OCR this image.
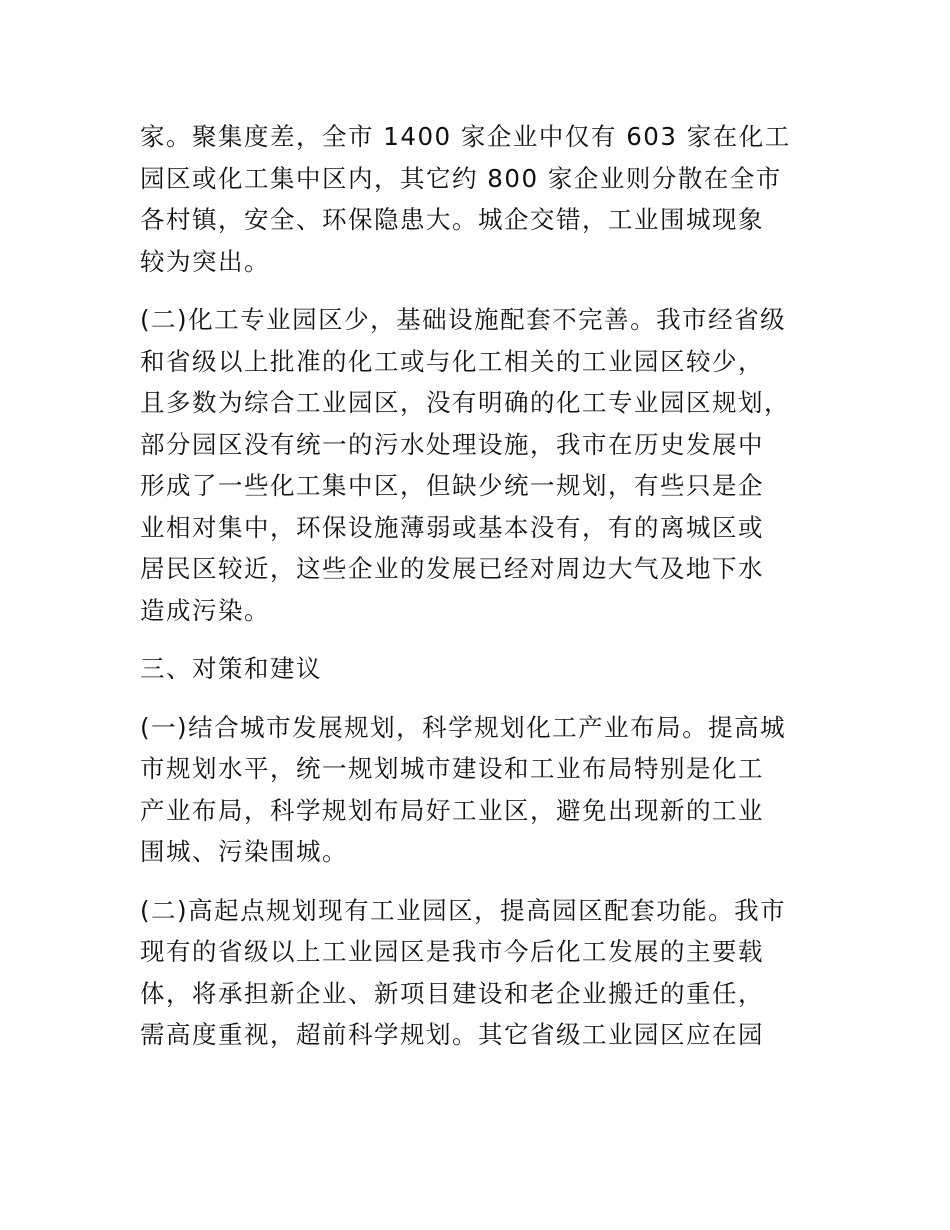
家。聚集度差，全市 1400 家企业中仅有 603 家在化工
园区或化工集中区内，其它约 800 家企业则分散在全市
各村镇，安全、环保隐患大。城企交错，工业围城现象
较为突出。

(二)化工专业园区少，基础设施配套不完善。我市经省级
和省级以上批准的化工或与化工相关的工业园区较少，
且多数为综合工业园区，没有明确的化工专业园区规划，
部分园区没有统一的污水处理设施，我市在历史发展中
形成了一些化工集中区，但缺少统一规划，有些只是企
业相对集中，环保设施薄弱或基本没有，有的离城区或
居民区较近，这些企业的发展已经对周边大气及地下水
造成污染。

三、对策和建议

(一)结合城市发展规划，科学规划化工产业布局。提高城
市规划水平，统一规划城市建设和工业布局特别是化工
产业布局，科学规划布局好工业区，避免出现新的工业
围城、污染围城。

(二)高起点规划现有工业园区，提高园区配套功能。我市
现有的省级以上工业园区是我市今后化工发展的主要载
体，将承担新企业、新项目建设和老企业搬迁的重任，
需高度重视，超前科学规划。其它省级工业园区应在园
